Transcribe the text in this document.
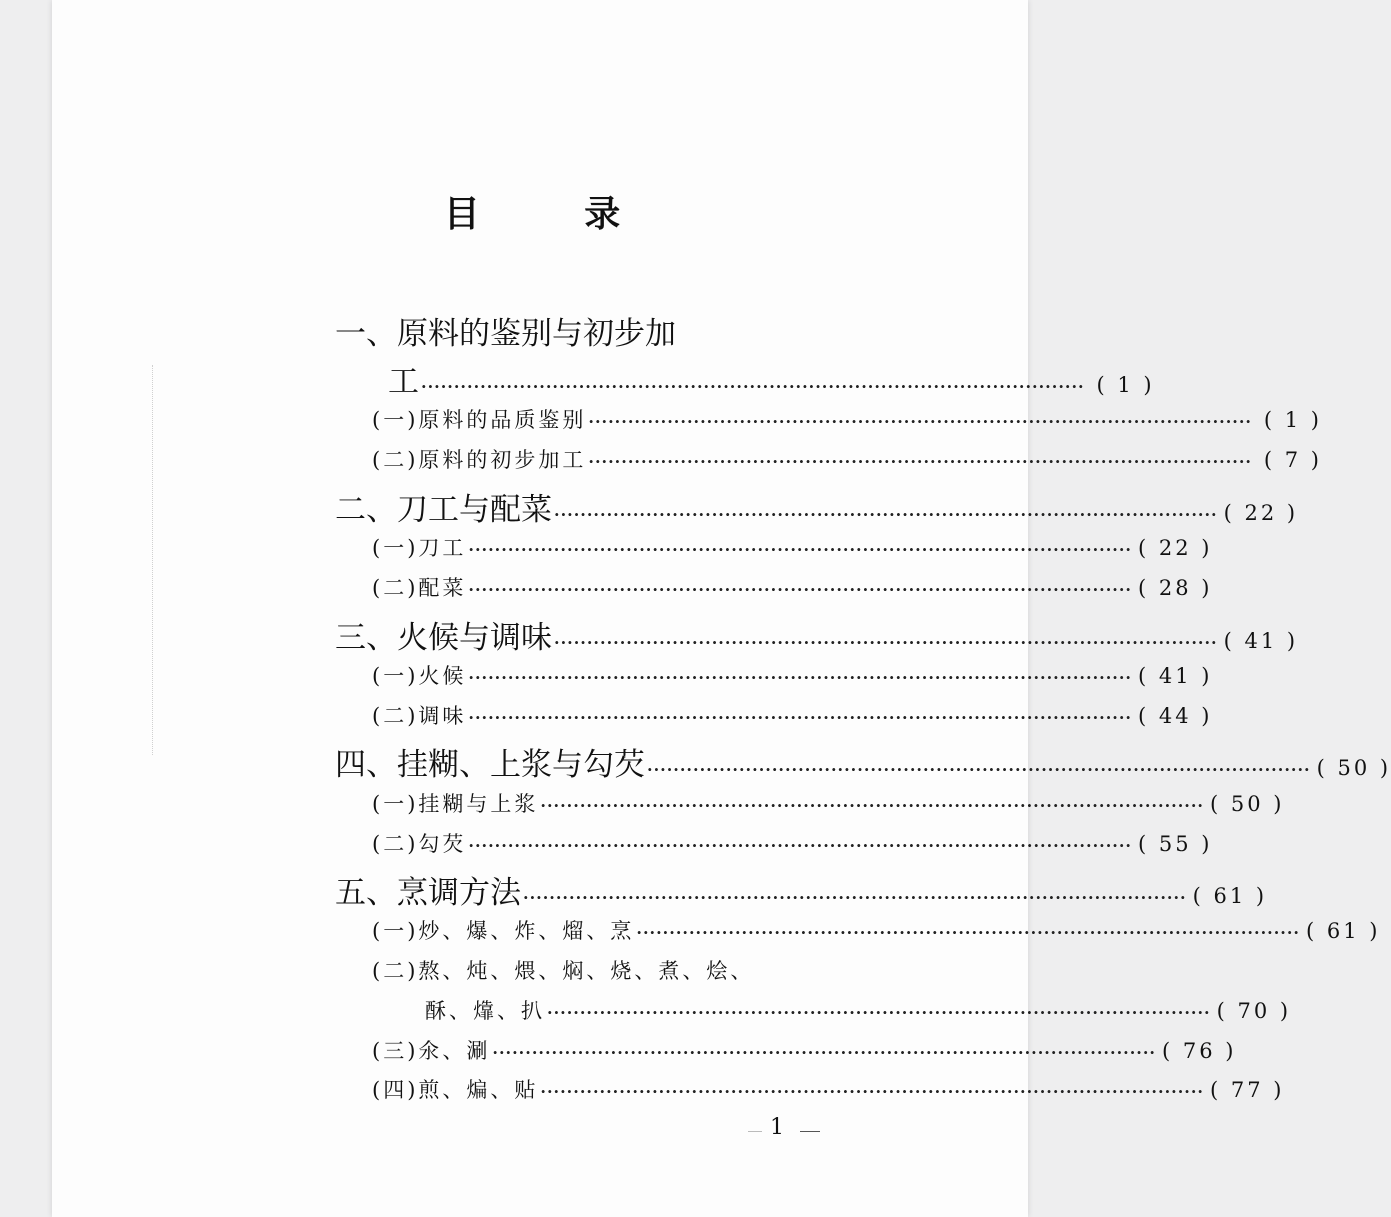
目 录
一、原料的鉴别与初步加
工 ····································································································· ( 1 )
(一)原料的品质鉴别 ····································································································· ( 1 )
(二)原料的初步加工 ····································································································· ( 7 )
二、刀工与配菜 ····································································································· ( 22 )
(一)刀工 ····································································································· ( 22 )
(二)配菜 ····································································································· ( 28 )
三、火候与调味 ····································································································· ( 41 )
(一)火候 ····································································································· ( 41 )
(二)调味 ····································································································· ( 44 )
四、挂糊、上浆与勾芡 ····································································································· ( 50 )
(一)挂糊与上浆 ····································································································· ( 50 )
(二)勾芡 ····································································································· ( 55 )
五、烹调方法 ····································································································· ( 61 )
(一)炒、爆、炸、熘、烹 ····································································································· ( 61 )
(二)熬、炖、煨、焖、烧、煮、烩、
酥、㸆、扒 ····································································································· ( 70 )
(三)氽、涮 ····································································································· ( 76 )
(四)煎、煸、贴 ····································································································· ( 77 )
1
